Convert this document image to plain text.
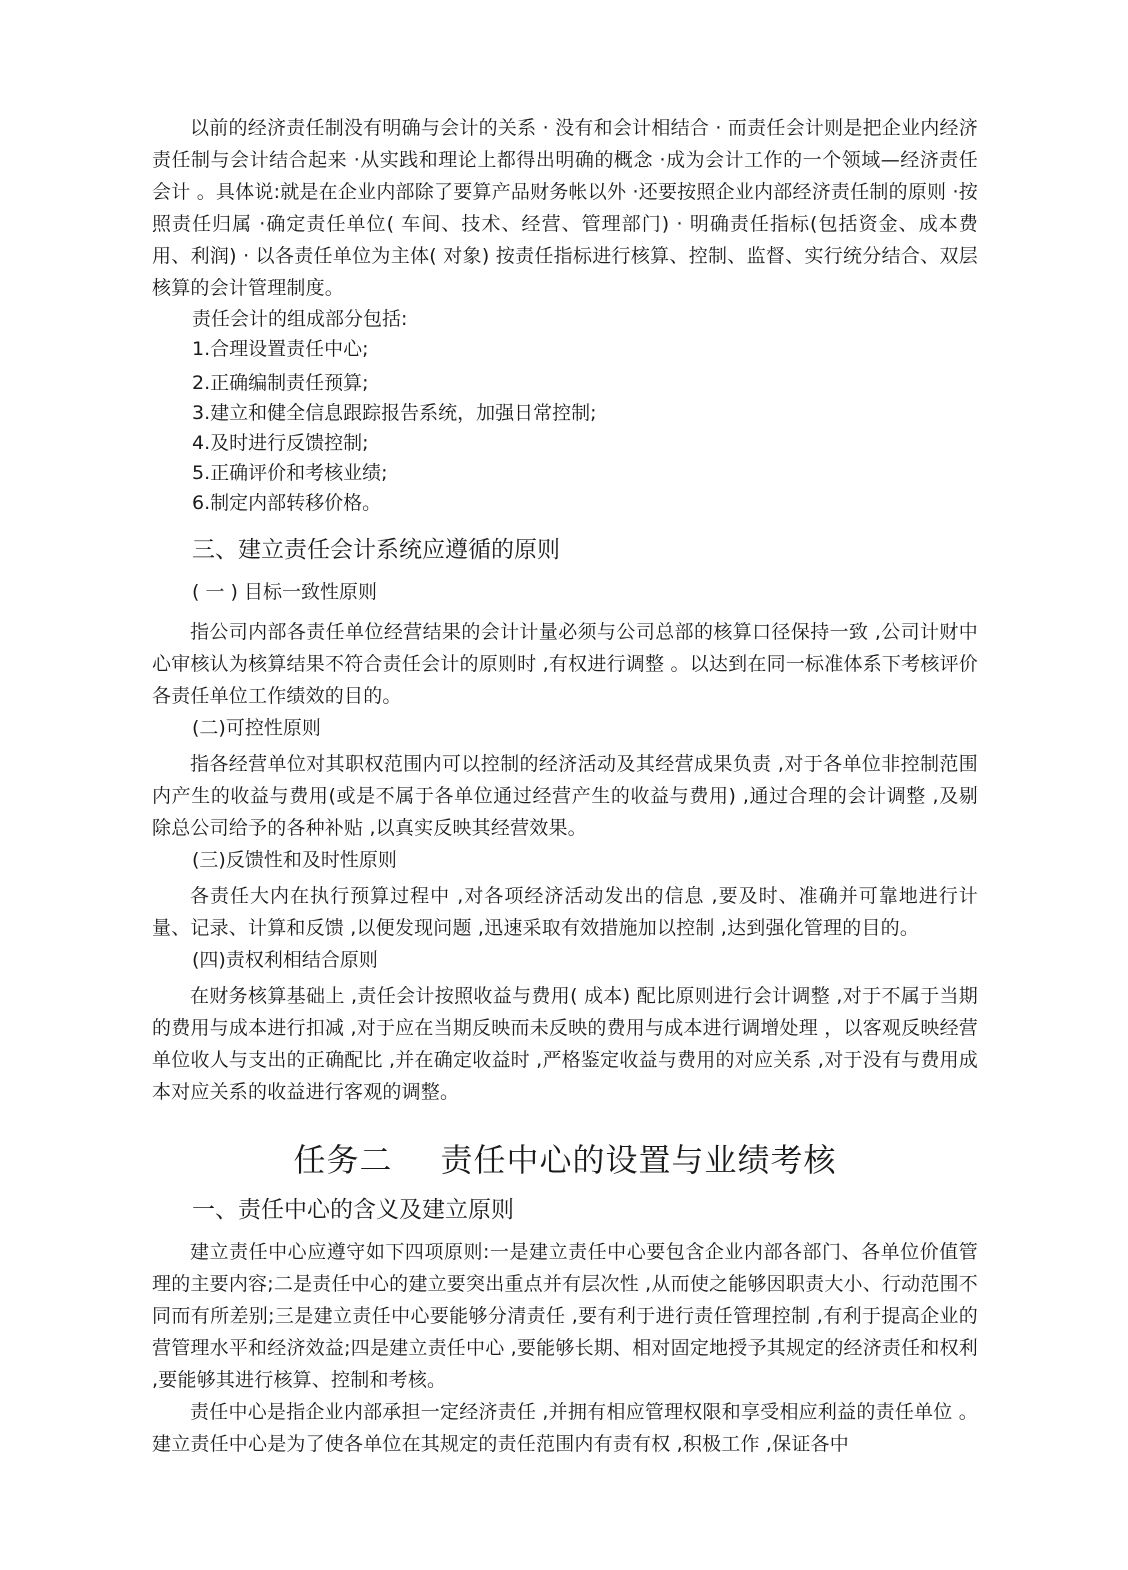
以前的经济责任制没有明确与会计的关系 · 没有和会计相结合 · 而责任会计则是把企业内经济责任制与会计结合起来 ·从实践和理论上都得出明确的概念 ·成为会计工作的一个领域—经济责任会计 。具体说:就是在企业内部除了要算产品财务帐以外 ·还要按照企业内部经济责任制的原则 ·按照责任归属 ·确定责任单位( 车间、技术、经营、管理部门) · 明确责任指标(包括资金、成本费用、利润) · 以各责任单位为主体( 对象) 按责任指标进行核算、控制、监督、实行统分结合、双层核算的会计管理制度。

责任会计的组成部分包括:

1.合理设置责任中心;

2.正确编制责任预算;

3.建立和健全信息跟踪报告系统，加强日常控制;

4.及时进行反馈控制;

5.正确评价和考核业绩;

6.制定内部转移价格。

三、建立责任会计系统应遵循的原则

( 一 ) 目标一致性原则

指公司内部各责任单位经营结果的会计计量必须与公司总部的核算口径保持一致 ,公司计财中心审核认为核算结果不符合责任会计的原则时 ,有权进行调整 。以达到在同一标准体系下考核评价各责任单位工作绩效的目的。

(二)可控性原则

指各经营单位对其职权范围内可以控制的经济活动及其经营成果负责 ,对于各单位非控制范围内产生的收益与费用(或是不属于各单位通过经营产生的收益与费用) ,通过合理的会计调整 ,及剔除总公司给予的各种补贴 ,以真实反映其经营效果。

(三)反馈性和及时性原则

各责任大内在执行预算过程中 ,对各项经济活动发出的信息 ,要及时、准确并可靠地进行计量、记录、计算和反馈 ,以便发现问题 ,迅速采取有效措施加以控制 ,达到强化管理的目的。

(四)责权利相结合原则

在财务核算基础上 ,责任会计按照收益与费用( 成本) 配比原则进行会计调整 ,对于不属于当期的费用与成本进行扣减 ,对于应在当期反映而未反映的费用与成本进行调增处理 ，以客观反映经营单位收人与支出的正确配比 ,并在确定收益时 ,严格鉴定收益与费用的对应关系 ,对于没有与费用成本对应关系的收益进行客观的调整。

任务二 责任中心的设置与业绩考核

一、责任中心的含义及建立原则

建立责任中心应遵守如下四项原则:一是建立责任中心要包含企业内部各部门、各单位价值管理的主要内容;二是责任中心的建立要突出重点并有层次性 ,从而使之能够因职责大小、行动范围不同而有所差别;三是建立责任中心要能够分清责任 ,要有利于进行责任管理控制 ,有利于提高企业的营管理水平和经济效益;四是建立责任中心 ,要能够长期、相对固定地授予其规定的经济责任和权利 ,要能够其进行核算、控制和考核。

责任中心是指企业内部承担一定经济责任 ,并拥有相应管理权限和享受相应利益的责任单位 。建立责任中心是为了使各单位在其规定的责任范围内有责有权 ,积极工作 ,保证各中
